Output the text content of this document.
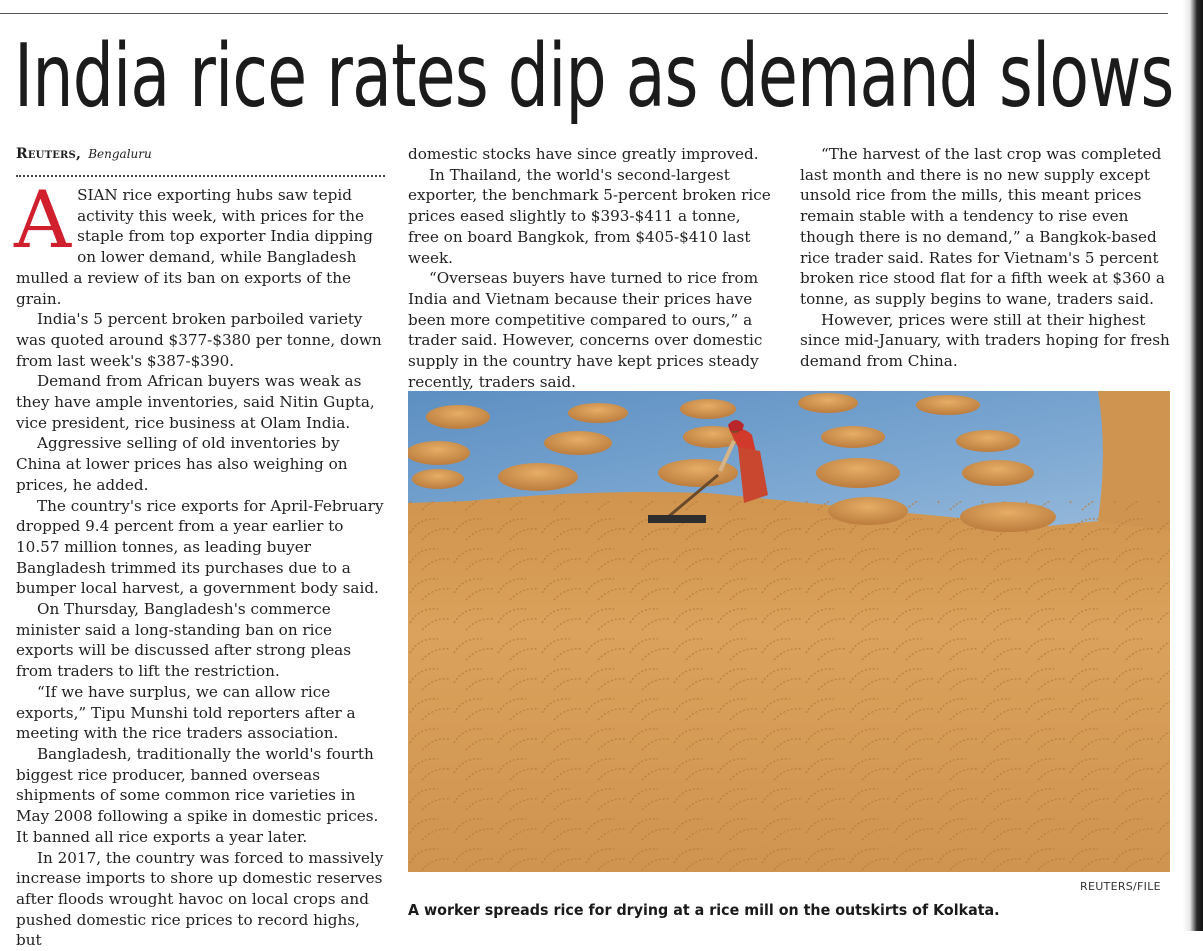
India rice rates dip as demand slows
Reuters, Bengaluru

ASIAN rice exporting hubs saw tepid activity this week, with prices for the staple from top exporter India dipping on lower demand, while Bangladesh mulled a review of its ban on exports of the grain.

India's 5 percent broken parboiled variety was quoted around $377-$380 per tonne, down from last week's $387-$390.

Demand from African buyers was weak as they have ample inventories, said Nitin Gupta, vice president, rice business at Olam India.

Aggressive selling of old inventories by China at lower prices has also weighing on prices, he added.

The country's rice exports for April-February dropped 9.4 percent from a year earlier to 10.57 million tonnes, as leading buyer Bangladesh trimmed its purchases due to a bumper local harvest, a government body said.

On Thursday, Bangladesh's commerce minister said a long-standing ban on rice exports will be discussed after strong pleas from traders to lift the restriction.

“If we have surplus, we can allow rice exports,” Tipu Munshi told reporters after a meeting with the rice traders association.

Bangladesh, traditionally the world's fourth biggest rice producer, banned overseas shipments of some common rice varieties in May 2008 following a spike in domestic prices. It banned all rice exports a year later.

In 2017, the country was forced to massively increase imports to shore up domestic reserves after floods wrought havoc on local crops and pushed domestic rice prices to record highs, but

domestic stocks have since greatly improved.

In Thailand, the world's second-largest exporter, the benchmark 5-percent broken rice prices eased slightly to $393-$411 a tonne, free on board Bangkok, from $405-$410 last week.

“Overseas buyers have turned to rice from India and Vietnam because their prices have been more competitive compared to ours,” a trader said. However, concerns over domestic supply in the country have kept prices steady recently, traders said.

“The harvest of the last crop was completed last month and there is no new supply except unsold rice from the mills, this meant prices remain stable with a tendency to rise even though there is no demand,” a Bangkok-based rice trader said. Rates for Vietnam's 5 percent broken rice stood flat for a fifth week at $360 a tonne, as supply begins to wane, traders said.

However, prices were still at their highest since mid-January, with traders hoping for fresh demand from China.

REUTERS/FILE
A worker spreads rice for drying at a rice mill on the outskirts of Kolkata.
